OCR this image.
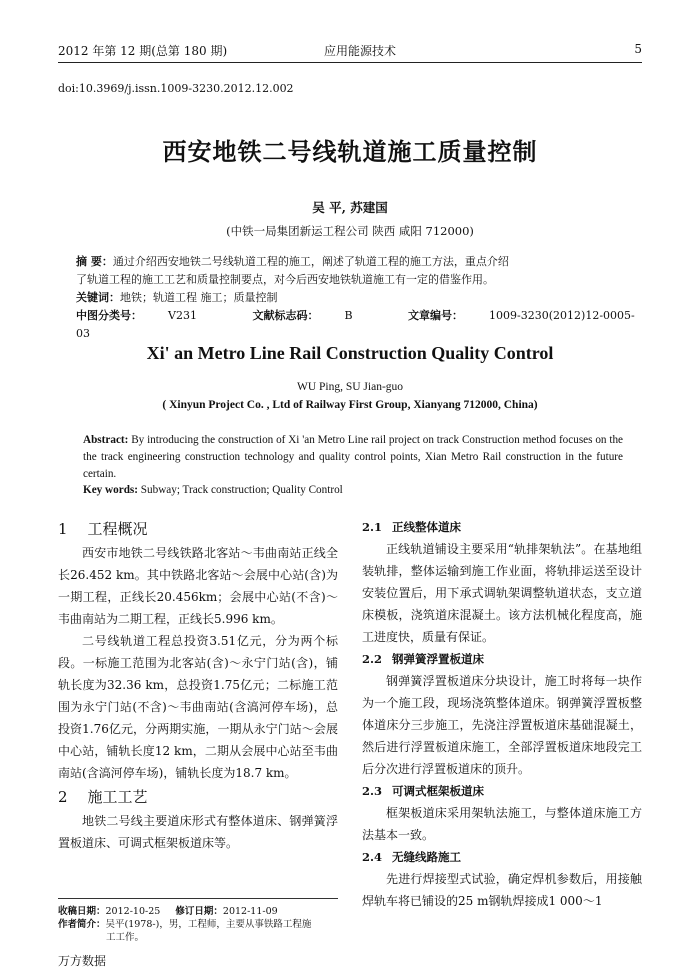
2012 年第 12 期(总第 180 期)	应用能源技术	5
doi:10.3969/j.issn.1009-3230.2012.12.002
西安地铁二号线轨道施工质量控制
吴 平, 苏建国
(中铁一局集团新运工程公司 陕西 咸阳 712000)
摘 要：通过介绍西安地铁二号线轨道工程的施工，阐述了轨道工程的施工方法，重点介绍
了轨道工程的施工工艺和质量控制要点，对今后西安地铁轨道施工有一定的借鉴作用。
关键词：地铁；轨道工程 施工；质量控制
中图分类号： V231	文献标志码： B	文章编号： 1009-3230(2012)12-0005-03
Xi' an Metro Line Rail Construction Quality Control
WU Ping, SU Jian-guo
( Xinyun Project Co. , Ltd of Railway First Group, Xianyang 712000, China)
Abstract: By introducing the construction of Xi 'an Metro Line rail project on track Construction method focuses on the the track engineering construction technology and quality control points, Xian Metro Rail construction in the future certain.
Key words: Subway; Track construction; Quality Control

1 工程概况

西安市地铁二号线铁路北客站～韦曲南站正线全长26.452 km。其中铁路北客站～会展中心站(含)为一期工程，正线长20.456km；会展中心站(不含)～韦曲南站为二期工程，正线长5.996 km。

二号线轨道工程总投资3.51亿元，分为两个标段。一标施工范围为北客站(含)～永宁门站(含)，铺轨长度为32.36 km，总投资1.75亿元；二标施工范围为永宁门站(不含)～韦曲南站(含滈河停车场)，总投资1.76亿元，分两期实施，一期从永宁门站～会展中心站，铺轨长度12 km，二期从会展中心站至韦曲南站(含滈河停车场)，铺轨长度为18.7 km。

2 施工工艺

地铁二号线主要道床形式有整体道床、钢弹簧浮置板道床、可调式框架板道床等。

收稿日期：2012-10-25 修订日期：2012-11-09
作者简介：吴平(1978-)，男，工程师，主要从事铁路工程施
工工作。

2.1 正线整体道床

正线轨道铺设主要采用“轨排架轨法”。在基地组装轨排，整体运输到施工作业面，将轨排运送至设计安装位置后，用下承式调轨架调整轨道状态，支立道床模板，浇筑道床混凝土。该方法机械化程度高，施工进度快，质量有保证。

2.2 钢弹簧浮置板道床

钢弹簧浮置板道床分块设计，施工时将每一块作为一个施工段，现场浇筑整体道床。钢弹簧浮置板整体道床分三步施工，先浇注浮置板道床基础混凝土，然后进行浮置板道床施工，全部浮置板道床地段完工后分次进行浮置板道床的顶升。

2.3 可调式框架板道床

框架板道床采用架轨法施工，与整体道床施工方法基本一致。

2.4 无缝线路施工

先进行焊接型式试验，确定焊机参数后，用接触焊轨车将已铺设的25 m钢轨焊接成1 000～1

万方数据
